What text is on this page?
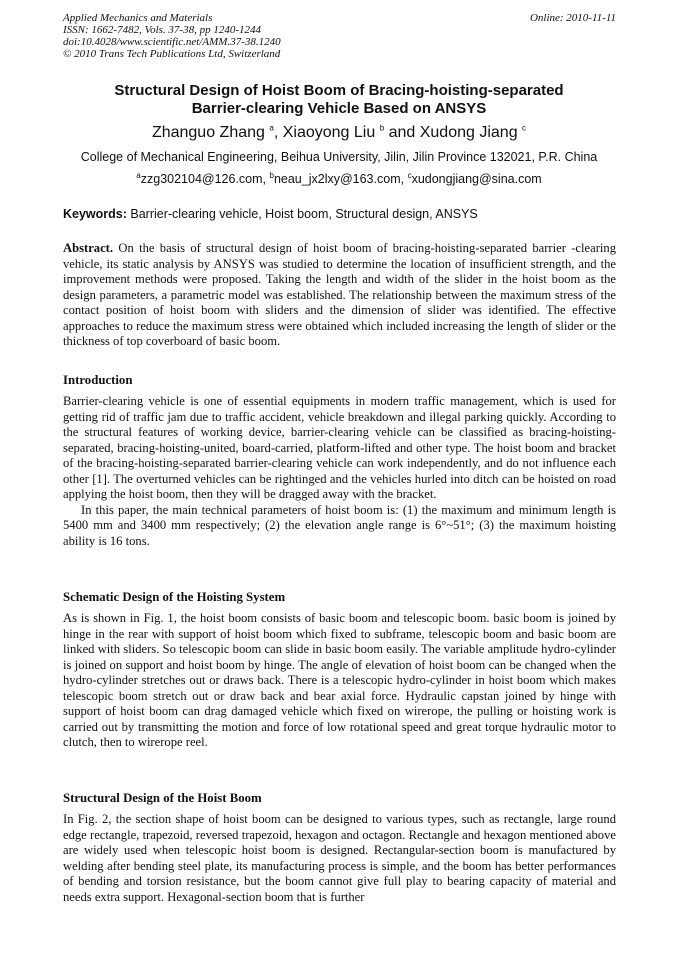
Applied Mechanics and Materials
ISSN: 1662-7482, Vols. 37-38, pp 1240-1244
doi:10.4028/www.scientific.net/AMM.37-38.1240
© 2010 Trans Tech Publications Ltd, Switzerland
Online: 2010-11-11
Structural Design of Hoist Boom of Bracing-hoisting-separated
Barrier-clearing Vehicle Based on ANSYS
Zhanguo Zhang $^a$, Xiaoyong Liu $^b$ and Xudong Jiang $^c$
College of Mechanical Engineering, Beihua University, Jilin, Jilin Province 132021, P.R. China
$^a$zzg302104@126.com, $^b$neau_jx2lxy@163.com, $^c$xudongjiang@sina.com
Keywords: Barrier-clearing vehicle, Hoist boom, Structural design, ANSYS
Abstract. On the basis of structural design of hoist boom of bracing-hoisting-separated barrier -clearing vehicle, its static analysis by ANSYS was studied to determine the location of insufficient strength, and the improvement methods were proposed. Taking the length and width of the slider in the hoist boom as the design parameters, a parametric model was established. The relationship between the maximum stress of the contact position of hoist boom with sliders and the dimension of slider was identified. The effective approaches to reduce the maximum stress were obtained which included increasing the length of slider or the thickness of top coverboard of basic boom.
Introduction

Barrier-clearing vehicle is one of essential equipments in modern traffic management, which is used for getting rid of traffic jam due to traffic accident, vehicle breakdown and illegal parking quickly. According to the structural features of working device, barrier-clearing vehicle can be classified as bracing-hoisting-separated, bracing-hoisting-united, board-carried, platform-lifted and other type. The hoist boom and bracket of the bracing-hoisting-separated barrier-clearing vehicle can work independently, and do not influence each other [1]. The overturned vehicles can be rightinged and the vehicles hurled into ditch can be hoisted on road applying the hoist boom, then they will be dragged away with the bracket.

In this paper, the main technical parameters of hoist boom is: (1) the maximum and minimum length is 5400 mm and 3400 mm respectively; (2) the elevation angle range is 6°~51°; (3) the maximum hoisting ability is 16 tons.

Schematic Design of the Hoisting System

As is shown in Fig. 1, the hoist boom consists of basic boom and telescopic boom. basic boom is joined by hinge in the rear with support of hoist boom which fixed to subframe, telescopic boom and basic boom are linked with sliders. So telescopic boom can slide in basic boom easily. The variable amplitude hydro-cylinder is joined on support and hoist boom by hinge. The angle of elevation of hoist boom can be changed when the hydro-cylinder stretches out or draws back. There is a telescopic hydro-cylinder in hoist boom which makes telescopic boom stretch out or draw back and bear axial force. Hydraulic capstan joined by hinge with support of hoist boom can drag damaged vehicle which fixed on wirerope, the pulling or hoisting work is carried out by transmitting the motion and force of low rotational speed and great torque hydraulic motor to clutch, then to wirerope reel.

Structural Design of the Hoist Boom

In Fig. 2, the section shape of hoist boom can be designed to various types, such as rectangle, large round edge rectangle, trapezoid, reversed trapezoid, hexagon and octagon. Rectangle and hexagon mentioned above are widely used when telescopic hoist boom is designed. Rectangular-section boom is manufactured by welding after bending steel plate, its manufacturing process is simple, and the boom has better performances of bending and torsion resistance, but the boom cannot give full play to bearing capacity of material and needs extra support. Hexagonal-section boom that is further
